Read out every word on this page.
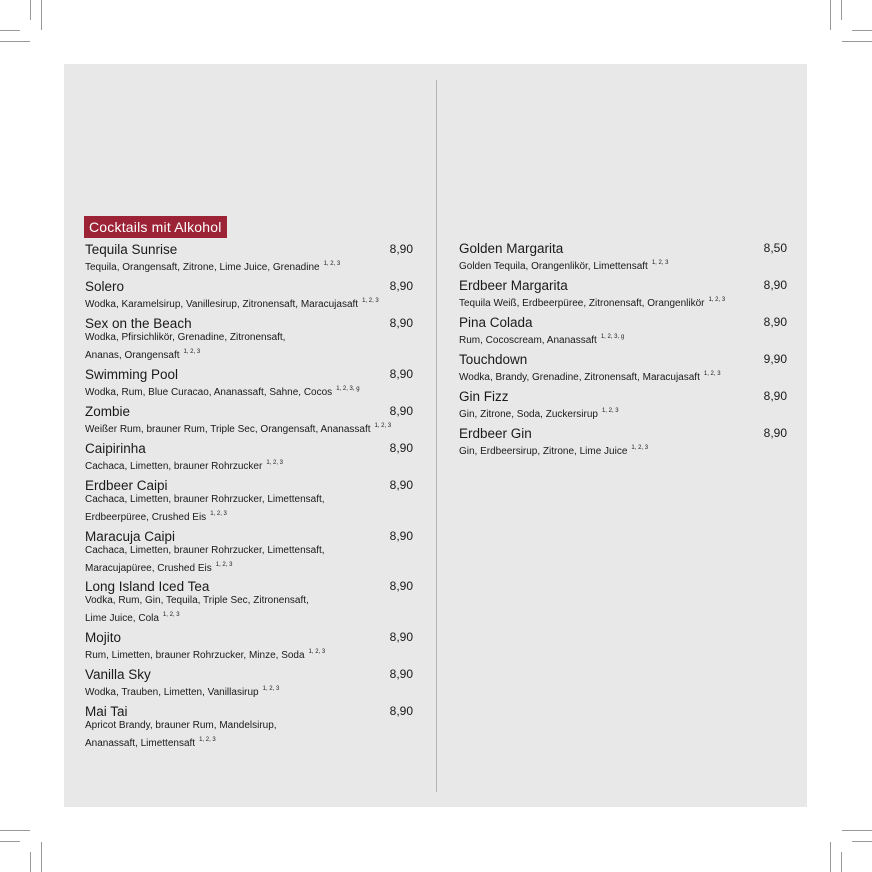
Cocktails mit Alkohol
Tequila Sunrise	8,90
Tequila, Orangensaft, Zitrone, Lime Juice, Grenadine $^{1, 2, 3}$
Solero	8,90
Wodka, Karamelsirup, Vanillesirup, Zitronensaft, Maracujasaft $^{1, 2, 3}$
Sex on the Beach	8,90
Wodka, Pfirsichlikör, Grenadine, Zitronensaft,
Ananas, Orangensaft $^{1, 2, 3}$
Swimming Pool	8,90
Wodka, Rum, Blue Curacao, Ananassaft, Sahne, Cocos $^{1, 2, 3, g}$
Zombie	8,90
Weißer Rum, brauner Rum, Triple Sec, Orangensaft, Ananassaft $^{1, 2, 3}$
Caipirinha	8,90
Cachaca, Limetten, brauner Rohrzucker $^{1, 2, 3}$
Erdbeer Caipi	8,90
Cachaca, Limetten, brauner Rohrzucker, Limettensaft,
Erdbeerpüree, Crushed Eis $^{1, 2, 3}$
Maracuja Caipi	8,90
Cachaca, Limetten, brauner Rohrzucker, Limettensaft,
Maracujapüree, Crushed Eis $^{1, 2, 3}$
Long Island Iced Tea	8,90
Vodka, Rum, Gin, Tequila, Triple Sec, Zitronensaft,
Lime Juice, Cola $^{1, 2, 3}$
Mojito	8,90
Rum, Limetten, brauner Rohrzucker, Minze, Soda $^{1, 2, 3}$
Vanilla Sky	8,90
Wodka, Trauben, Limetten, Vanillasirup $^{1, 2, 3}$
Mai Tai	8,90
Apricot Brandy, brauner Rum, Mandelsirup,
Ananassaft, Limettensaft $^{1, 2, 3}$
Golden Margarita	8,50
Golden Tequila, Orangenlikör, Limettensaft $^{1, 2, 3}$
Erdbeer Margarita	8,90
Tequila Weiß, Erdbeerpüree, Zitronensaft, Orangenlikör $^{1, 2, 3}$
Pina Colada	8,90
Rum, Cocoscream, Ananassaft $^{1, 2, 3, g}$
Touchdown	9,90
Wodka, Brandy, Grenadine, Zitronensaft, Maracujasaft $^{1, 2, 3}$
Gin Fizz	8,90
Gin, Zitrone, Soda, Zuckersirup $^{1, 2, 3}$
Erdbeer Gin	8,90
Gin, Erdbeersirup, Zitrone, Lime Juice $^{1, 2, 3}$
